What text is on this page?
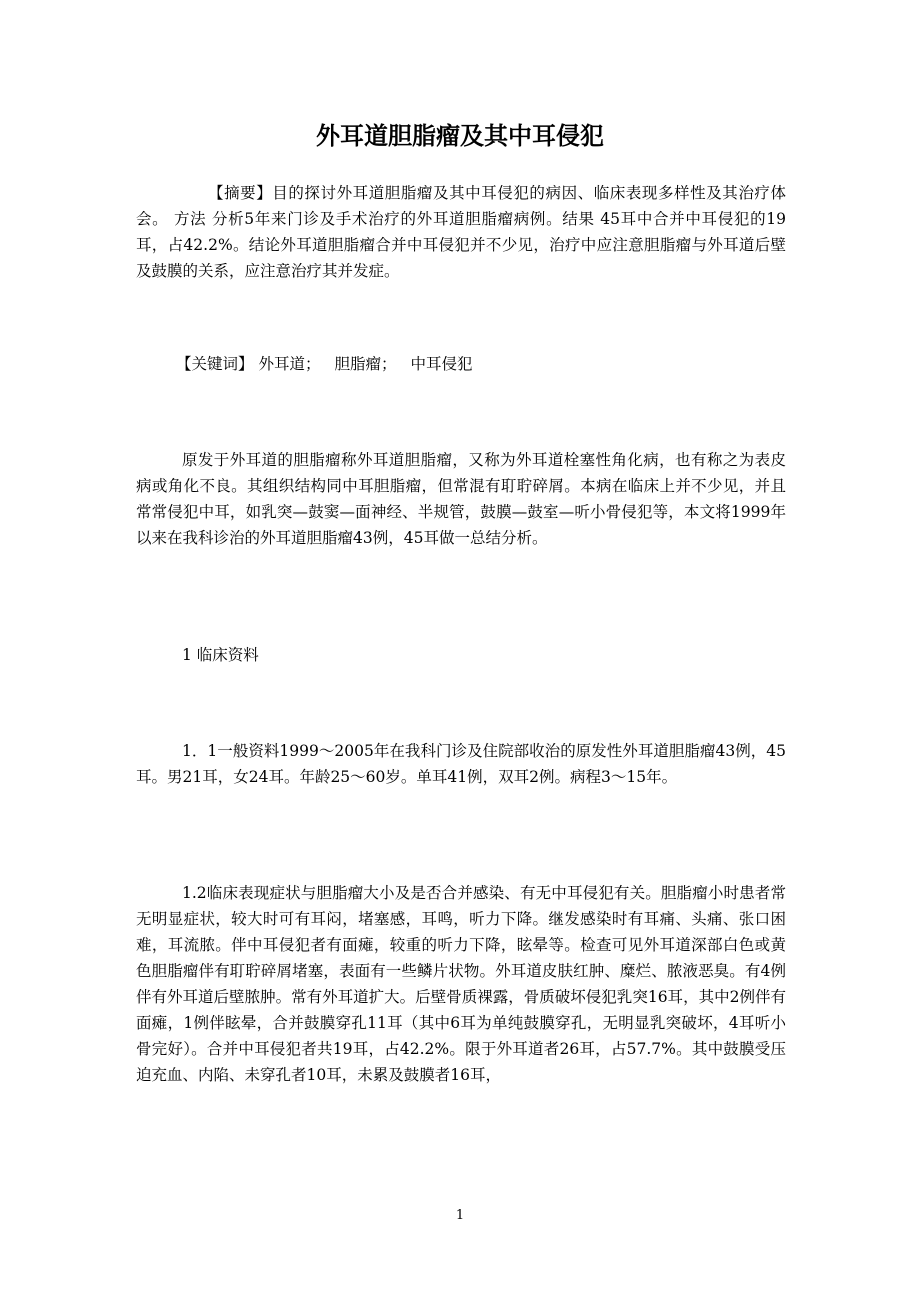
外耳道胆脂瘤及其中耳侵犯

【摘要】目的探讨外耳道胆脂瘤及其中耳侵犯的病因、临床表现多样性及其治疗体会。 方法 分析5年来门诊及手术治疗的外耳道胆脂瘤病例。结果 45耳中合并中耳侵犯的19耳，占42.2%。结论外耳道胆脂瘤合并中耳侵犯并不少见，治疗中应注意胆脂瘤与外耳道后壁及鼓膜的关系，应注意治疗其并发症。

【关键词】 外耳道； 胆脂瘤； 中耳侵犯

原发于外耳道的胆脂瘤称外耳道胆脂瘤，又称为外耳道栓塞性角化病，也有称之为表皮病或角化不良。其组织结构同中耳胆脂瘤，但常混有耵聍碎屑。本病在临床上并不少见，并且常常侵犯中耳，如乳突—鼓窦—面神经、半规管，鼓膜—鼓室—听小骨侵犯等，本文将1999年以来在我科诊治的外耳道胆脂瘤43例，45耳做一总结分析。

1 临床资料

1．1一般资料1999～2005年在我科门诊及住院部收治的原发性外耳道胆脂瘤43例，45耳。男21耳，女24耳。年龄25～60岁。单耳41例，双耳2例。病程3～15年。

1.2临床表现症状与胆脂瘤大小及是否合并感染、有无中耳侵犯有关。胆脂瘤小时患者常无明显症状，较大时可有耳闷，堵塞感，耳鸣，听力下降。继发感染时有耳痛、头痛、张口困难，耳流脓。伴中耳侵犯者有面瘫，较重的听力下降，眩晕等。检查可见外耳道深部白色或黄色胆脂瘤伴有耵聍碎屑堵塞，表面有一些鳞片状物。外耳道皮肤红肿、糜烂、脓液恶臭。有4例伴有外耳道后壁脓肿。常有外耳道扩大。后壁骨质裸露，骨质破坏侵犯乳突16耳，其中2例伴有面瘫，1例伴眩晕，合并鼓膜穿孔11耳（其中6耳为单纯鼓膜穿孔，无明显乳突破坏，4耳听小骨完好）。合并中耳侵犯者共19耳，占42.2%。限于外耳道者26耳，占57.7%。其中鼓膜受压迫充血、内陷、未穿孔者10耳，未累及鼓膜者16耳，

1
